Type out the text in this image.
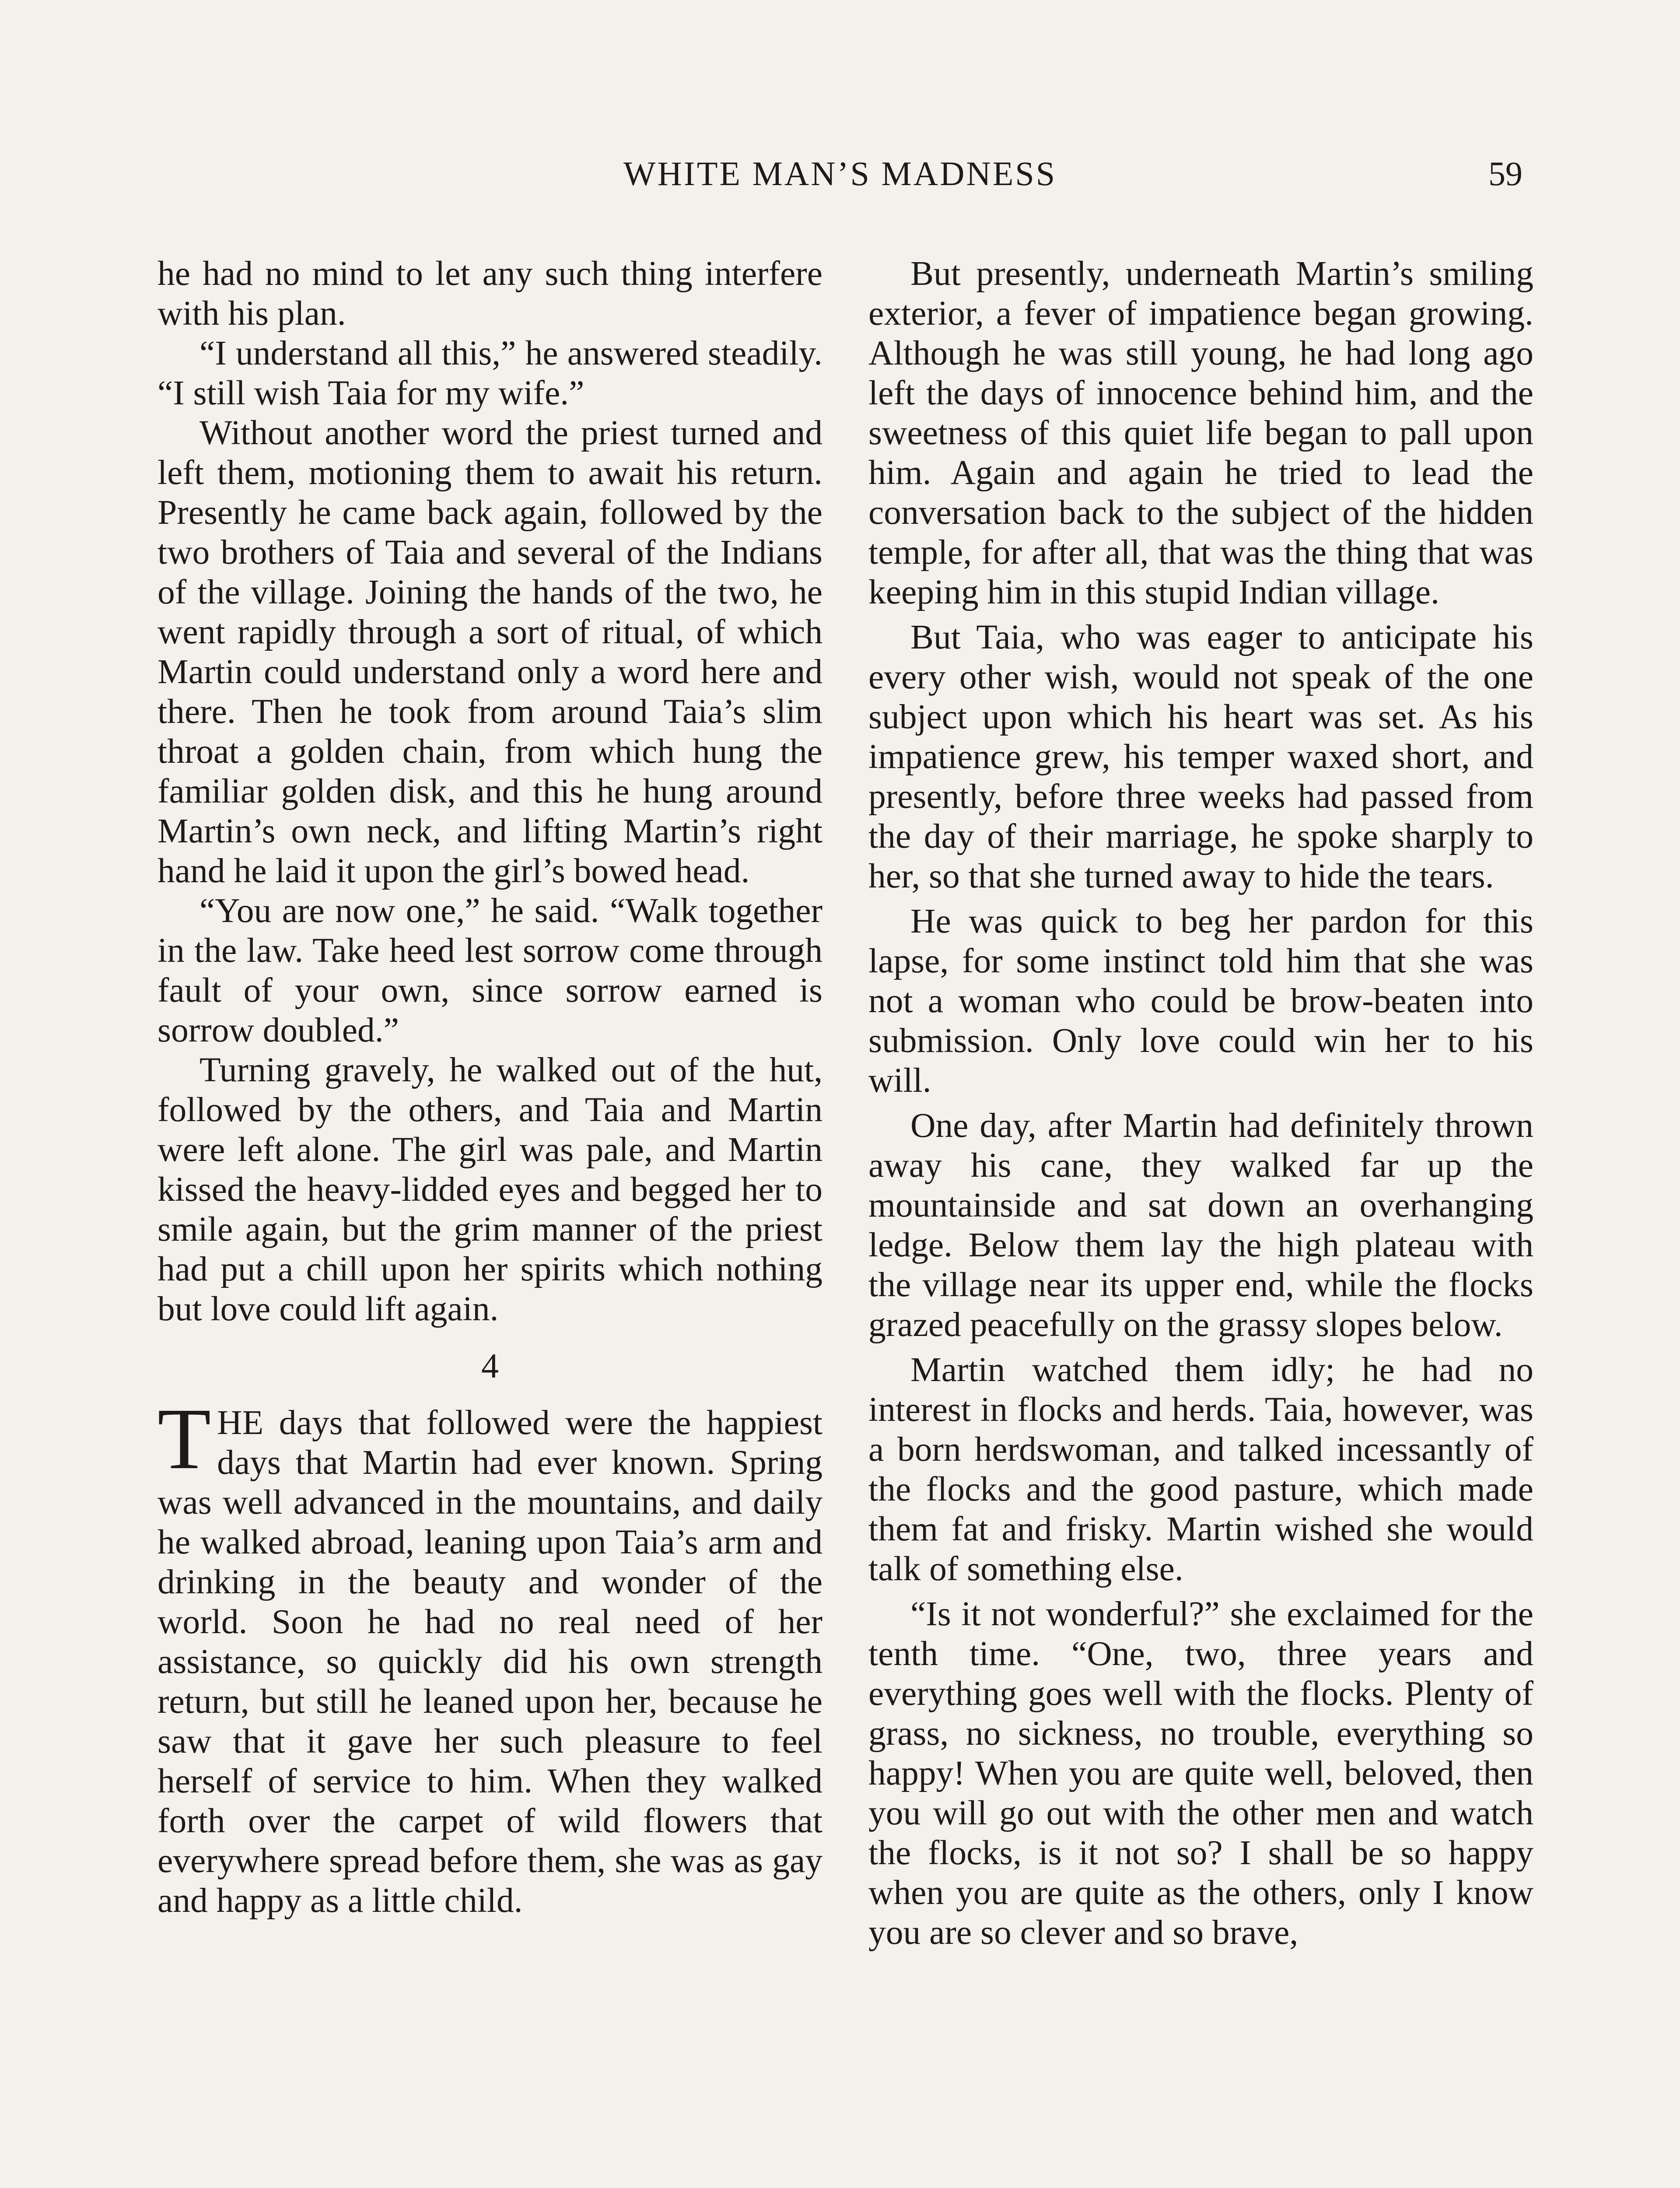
WHITE MAN’S MADNESS	59

he had no mind to let any such thing interfere with his plan.

“I understand all this,” he answered steadily. “I still wish Taia for my wife.”

Without another word the priest turned and left them, motioning them to await his return. Presently he came back again, followed by the two brothers of Taia and several of the Indians of the village. Joining the hands of the two, he went rapidly through a sort of ritual, of which Martin could understand only a word here and there. Then he took from around Taia’s slim throat a golden chain, from which hung the familiar golden disk, and this he hung around Martin’s own neck, and lifting Martin’s right hand he laid it upon the girl’s bowed head.

“You are now one,” he said. “Walk together in the law. Take heed lest sorrow come through fault of your own, since sorrow earned is sorrow doubled.”

Turning gravely, he walked out of the hut, followed by the others, and Taia and Martin were left alone. The girl was pale, and Martin kissed the heavy-lidded eyes and begged her to smile again, but the grim manner of the priest had put a chill upon her spirits which nothing but love could lift again.

4

THE days that followed were the happiest days that Martin had ever known. Spring was well advanced in the mountains, and daily he walked abroad, leaning upon Taia’s arm and drinking in the beauty and wonder of the world. Soon he had no real need of her assistance, so quickly did his own strength return, but still he leaned upon her, because he saw that it gave her such pleasure to feel herself of service to him. When they walked forth over the carpet of wild flowers that everywhere spread before them, she was as gay and happy as a little child.

But presently, underneath Martin’s smiling exterior, a fever of impatience began growing. Although he was still young, he had long ago left the days of innocence behind him, and the sweetness of this quiet life began to pall upon him. Again and again he tried to lead the conversation back to the subject of the hidden temple, for after all, that was the thing that was keeping him in this stupid Indian village.

But Taia, who was eager to anticipate his every other wish, would not speak of the one subject upon which his heart was set. As his impatience grew, his temper waxed short, and presently, before three weeks had passed from the day of their marriage, he spoke sharply to her, so that she turned away to hide the tears.

He was quick to beg her pardon for this lapse, for some instinct told him that she was not a woman who could be brow-beaten into submission. Only love could win her to his will.

One day, after Martin had definitely thrown away his cane, they walked far up the mountainside and sat down an overhanging ledge. Below them lay the high plateau with the village near its upper end, while the flocks grazed peacefully on the grassy slopes below.

Martin watched them idly; he had no interest in flocks and herds. Taia, however, was a born herdswoman, and talked incessantly of the flocks and the good pasture, which made them fat and frisky. Martin wished she would talk of something else.

“Is it not wonderful?” she exclaimed for the tenth time. “One, two, three years and everything goes well with the flocks. Plenty of grass, no sickness, no trouble, everything so happy! When you are quite well, beloved, then you will go out with the other men and watch the flocks, is it not so? I shall be so happy when you are quite as the others, only I know you are so clever and so brave,
